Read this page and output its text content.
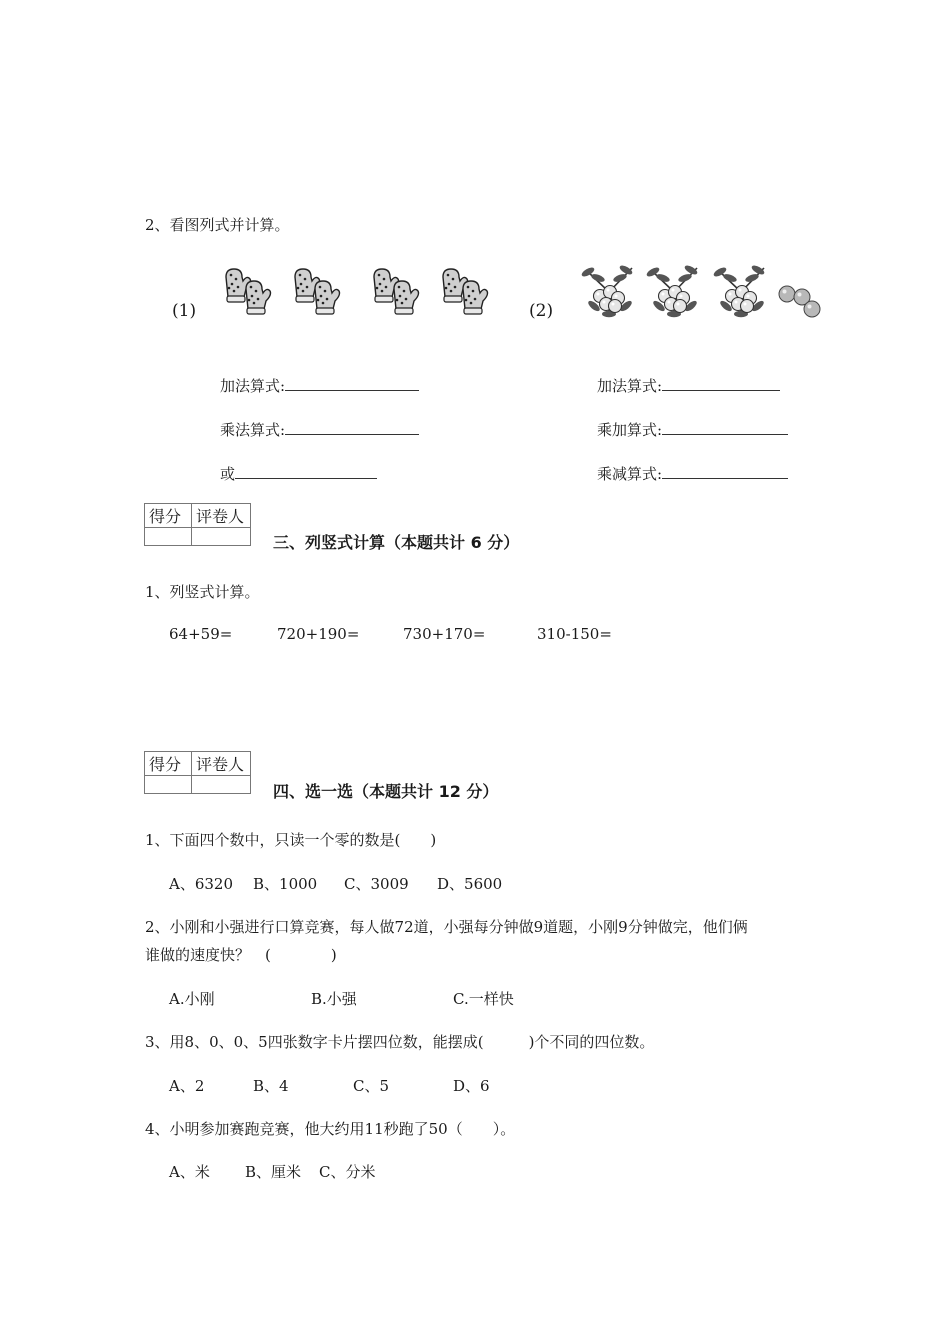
2、看图列式并计算。
(1)	(2)
加法算式:
乘法算式:
或
加法算式:
乘加算式:
乘减算式:
得分	评卷人

三、列竖式计算（本题共计 6 分）
1、列竖式计算。
64+59=	720+190=	730+170=	310-150=
得分	评卷人

四、选一选（本题共计 12 分）
1、下面四个数中，只读一个零的数是(　　)
A、6320 B、1000 C、3009 D、5600
2、小刚和小强进行口算竞赛，每人做72道，小强每分钟做9道题，小刚9分钟做完，他们俩
谁做的速度快？　(　　　　)
A.小刚	B.小强	C.一样快
3、用8、0、0、5四张数字卡片摆四位数，能摆成(　　　)个不同的四位数。
A、2	B、4	C、5	D、6
4、小明参加赛跑竞赛，他大约用11秒跑了50（　　）。
A、米 B、厘米 C、分米
